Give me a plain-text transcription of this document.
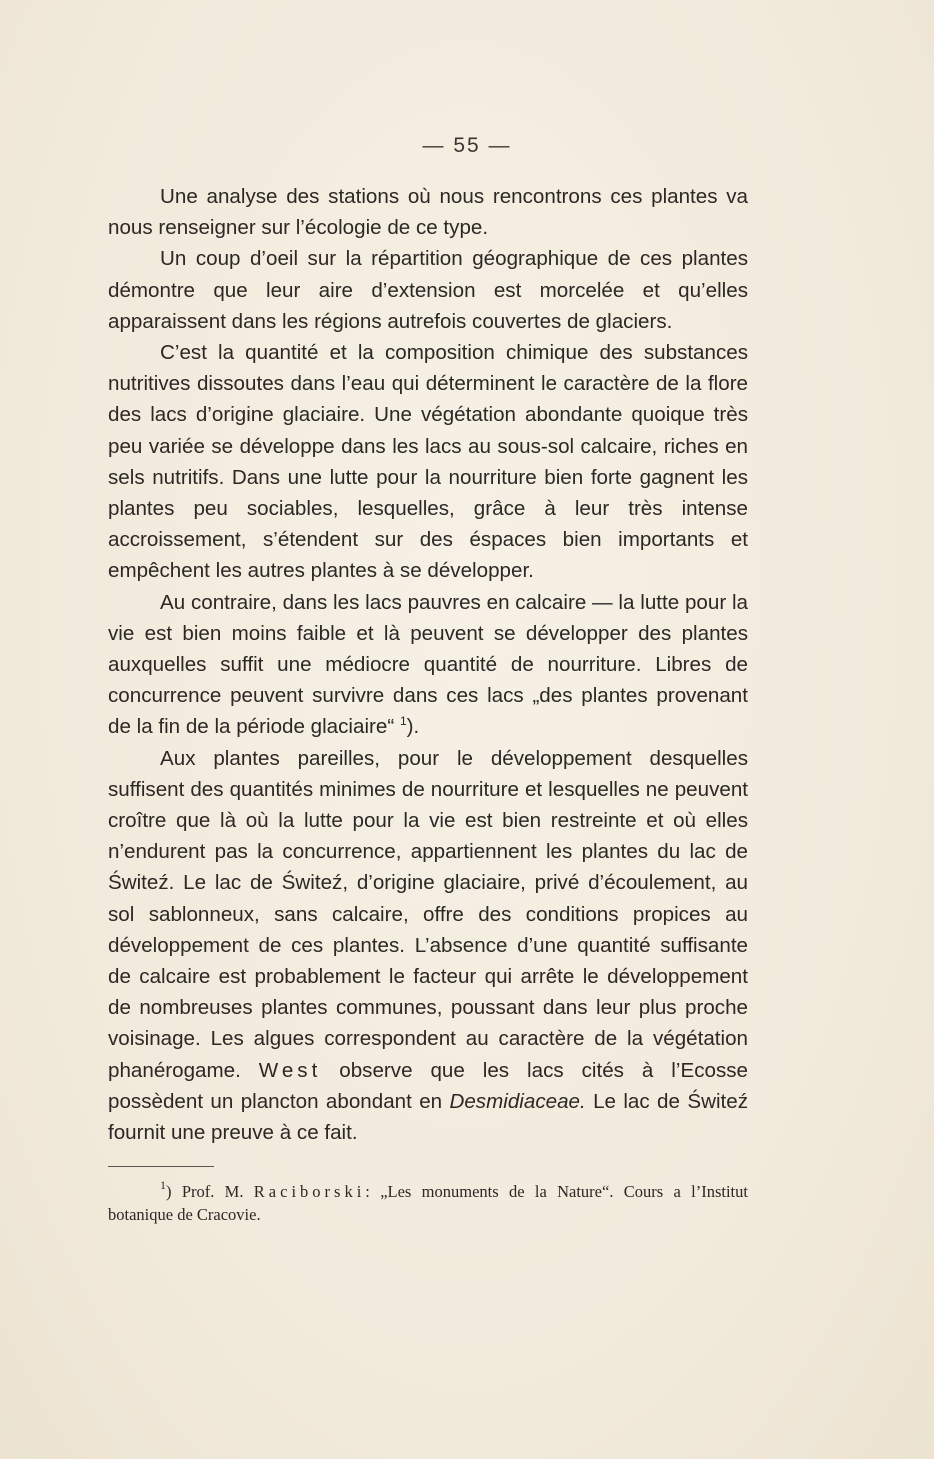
— 55 —

Une analyse des stations où nous rencontrons ces plantes va nous renseigner sur l’écologie de ce type.

Un coup d’oeil sur la répartition géographique de ces plantes démontre que leur aire d’extension est morcelée et qu’elles apparaissent dans les régions autrefois couvertes de glaciers.

C’est la quantité et la composition chimique des substances nutritives dissoutes dans l’eau qui déterminent le caractère de la flore des lacs d’origine glaciaire. Une végétation abondante quoique très peu variée se développe dans les lacs au sous-sol calcaire, riches en sels nutritifs. Dans une lutte pour la nourriture bien forte gagnent les plantes peu sociables, lesquelles, grâce à leur très intense accroissement, s’étendent sur des éspaces bien importants et empêchent les autres plantes à se développer.

Au contraire, dans les lacs pauvres en calcaire — la lutte pour la vie est bien moins faible et là peuvent se développer des plantes auxquelles suffit une médiocre quantité de nourriture. Libres de concurrence peuvent survivre dans ces lacs „des plantes provenant de la fin de la période glaciaire“ $^1$).

Aux plantes pareilles, pour le développement desquelles suffisent des quantités minimes de nourriture et lesquelles ne peuvent croître que là où la lutte pour la vie est bien restreinte et où elles n’endurent pas la concurrence, appartiennent les plantes du lac de Świteź. Le lac de Świteź, d’origine glaciaire, privé d’écoulement, au sol sablonneux, sans calcaire, offre des conditions propices au développement de ces plantes. L’absence d’une quantité suffisante de calcaire est probablement le facteur qui arrête le développement de nombreuses plantes communes, poussant dans leur plus proche voisinage. Les algues correspondent au caractère de la végétation phanérogame. West observe que les lacs cités à l’Ecosse possèdent un plancton abondant en Desmidiaceae. Le lac de Świteź fournit une preuve à ce fait.

$^1$) Prof. M. Raciborski: „Les monuments de la Nature“. Cours a l’Institut botanique de Cracovie.
